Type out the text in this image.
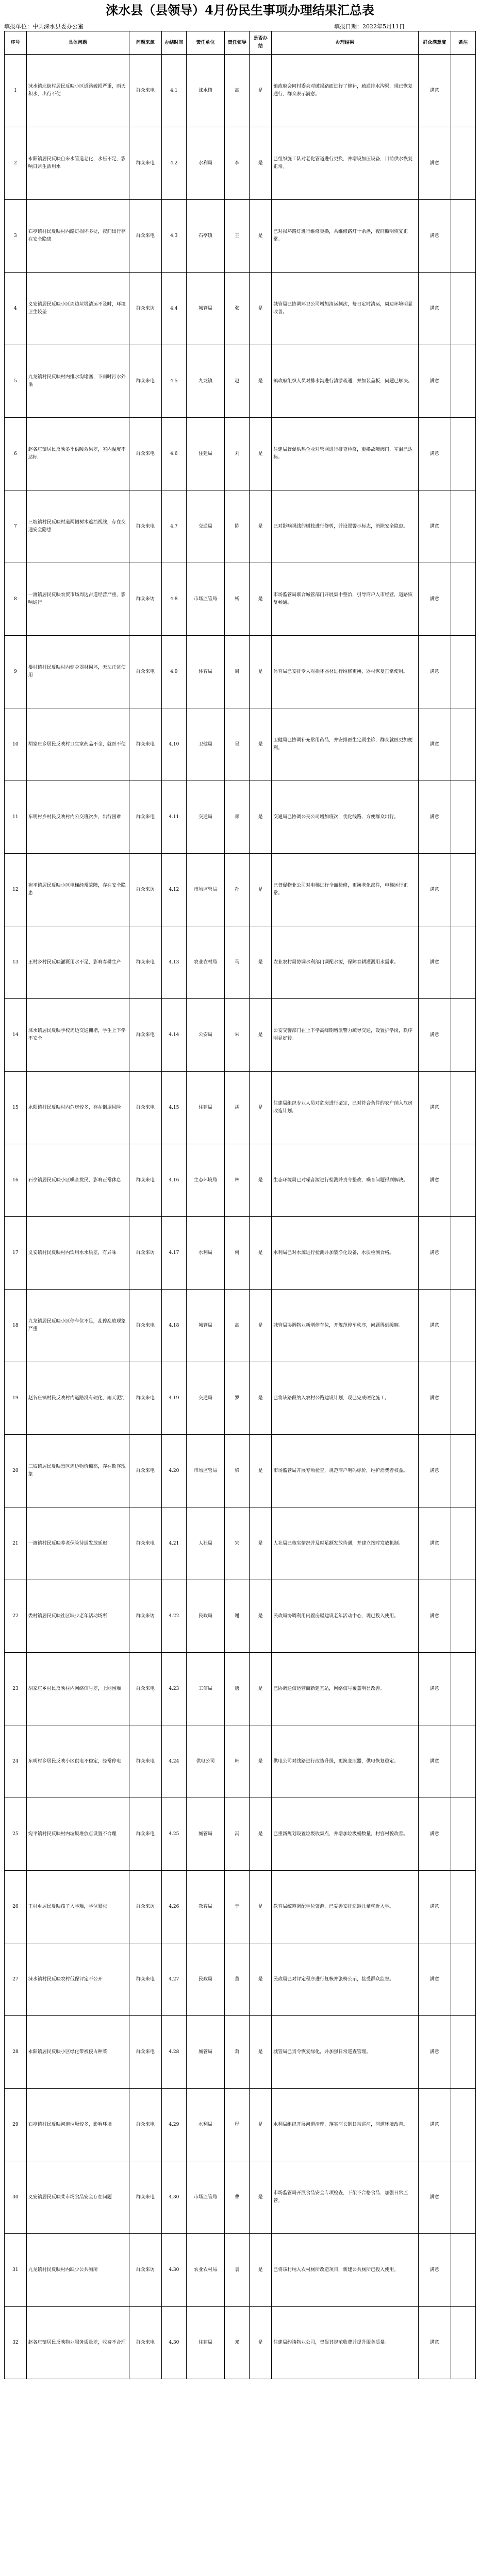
涞水县（县领导）4月份民生事项办理结果汇总表
填报单位：中共涞水县委办公室	填报日期：2022年5月11日
序号	具体问题	问题来源	办结时间	责任单位	责任领导	是否办结	办理结果	群众满意度	备注
1	涞水镇北街村居民反映小区道路破损严重，雨天积水，出行不便	群众来电	4.1	涞水镇	高	是	镇政府会同村委会对破损路面进行了修补，疏通排水沟渠，现已恢复通行，群众表示满意。	满意	
2	永阳镇居民反映自来水管道老化，水压不足，影响日常生活用水	群众来电	4.2	水利局	李	是	已组织施工队对老化管道进行更换，并增设加压设备，目前供水恢复正常。	满意	
3	石亭镇村民反映村内路灯损坏多处，夜间出行存在安全隐患	群众来电	4.3	石亭镇	王	是	已对损坏路灯进行维修更换，共维修路灯十余盏，夜间照明恢复正常。	满意	
4	义安镇居民反映小区周边垃圾清运不及时，环境卫生较差	群众来访	4.4	城管局	张	是	城管局已协调环卫公司增加清运频次，每日定时清运，周边环境明显改善。	满意	
5	九龙镇村民反映村内排水沟堵塞，下雨时污水外溢	群众来电	4.5	九龙镇	赵	是	镇政府组织人员对排水沟进行清淤疏通，并加装盖板，问题已解决。	满意	
6	赵各庄镇居民反映冬季供暖效果差，室内温度不达标	群众来电	4.6	住建局	刘	是	住建局督促供热企业对管网进行排查检修，更换故障阀门，室温已达标。	满意	
7	三坡镇村民反映村道两侧树木遮挡视线，存在交通安全隐患	群众来电	4.7	交通局	陈	是	已对影响视线的树枝进行修剪，并设置警示标志，消除安全隐患。	满意	
8	一渡镇居民反映农贸市场周边占道经营严重，影响通行	群众来访	4.8	市场监管局	杨	是	市场监管局联合城管部门开展集中整治，引导商户入市经营，道路恢复畅通。	满意	
9	娄村镇村民反映村内健身器材损坏，无法正常使用	群众来电	4.9	体育局	周	是	体育局已安排专人对损坏器材进行维修更换，器材恢复正常使用。	满意	
10	胡家庄乡居民反映村卫生室药品不全，就医不便	群众来电	4.10	卫健局	吴	是	卫健局已协调补充常用药品，并安排医生定期坐诊，群众就医更加便利。	满意	
11	东明村乡村民反映村内公交班次少，出行困难	群众来电	4.11	交通局	郑	是	交通局已协调公交公司增加班次，优化线路，方便群众出行。	满意	
12	宛平镇居民反映小区电梯经常故障，存在安全隐患	群众来访	4.12	市场监管局	孙	是	已督促物业公司对电梯进行全面检修，更换老化部件，电梯运行正常。	满意	
13	王村乡村民反映灌溉用水不足，影响春耕生产	群众来电	4.13	农业农村局	马	是	农业农村局协调水利部门调配水源，保障春耕灌溉用水需求。	满意	
14	涞水镇居民反映学校周边交通拥堵，学生上下学不安全	群众来电	4.14	公安局	朱	是	公安交警部门在上下学高峰期增派警力疏导交通，设置护学岗，秩序明显好转。	满意	
15	永阳镇村民反映村内危房较多，存在倒塌风险	群众来电	4.15	住建局	胡	是	住建局组织专业人员对危房进行鉴定，已对符合条件的农户纳入危房改造计划。	满意	
16	石亭镇居民反映小区噪音扰民，影响正常休息	群众来电	4.16	生态环境局	林	是	生态环境局已对噪音源进行检测并责令整改，噪音问题得到解决。	满意	
17	义安镇村民反映村内饮用水水质差，有异味	群众来访	4.17	水利局	何	是	水利局已对水源进行检测并加装净化设备，水质检测合格。	满意	
18	九龙镇居民反映小区停车位不足，乱停乱放现象严重	群众来电	4.18	城管局	高	是	城管局协调物业新增停车位，并规范停车秩序，问题得到缓解。	满意	
19	赵各庄镇村民反映村内道路没有硬化，雨天泥泞	群众来电	4.19	交通局	罗	是	已将该路段纳入农村公路建设计划，现已完成硬化施工。	满意	
20	三坡镇居民反映景区周边物价偏高，存在欺客现象	群众来电	4.20	市场监管局	梁	是	市场监管局开展专项检查，规范商户明码标价，维护消费者权益。	满意	
21	一渡镇村民反映养老保险待遇发放延迟	群众来电	4.21	人社局	宋	是	人社局已核实情况并及时足额发放待遇，并建立按时发放机制。	满意	
22	娄村镇居民反映社区缺少老年活动场所	群众来访	4.22	民政局	谢	是	民政局协调利用闲置房屋建设老年活动中心，现已投入使用。	满意	
23	胡家庄乡村民反映村内网络信号差，上网困难	群众来电	4.23	工信局	唐	是	已协调通信运营商新建基站，网络信号覆盖明显改善。	满意	
24	东明村乡居民反映小区供电不稳定，经常停电	群众来电	4.24	供电公司	韩	是	供电公司对线路进行改造升级，更换变压器，供电恢复稳定。	满意	
25	宛平镇村民反映村内垃圾堆放点设置不合理	群众来电	4.25	城管局	冯	是	已重新规划设置垃圾收集点，并增加垃圾桶数量，村容村貌改善。	满意	
26	王村乡居民反映孩子入学难，学位紧张	群众来访	4.26	教育局	于	是	教育局统筹调配学位资源，已妥善安排适龄儿童就近入学。	满意	
27	涞水镇村民反映农村低保评定不公开	群众来电	4.27	民政局	董	是	民政局已对评定程序进行复核并张榜公示，接受群众监督。	满意	
28	永阳镇居民反映小区绿化带被侵占种菜	群众来电	4.28	城管局	萧	是	城管局已责令恢复绿化，并加强日常巡查管理。	满意	
29	石亭镇村民反映河道垃圾较多，影响环境	群众来电	4.29	水利局	程	是	水利局组织开展河道清理，落实河长制日常巡河，河道环境改善。	满意	
30	义安镇居民反映菜市场食品安全存在问题	群众来电	4.30	市场监管局	曹	是	市场监管局开展食品安全专项检查，下架不合格食品，加强日常监管。	满意	
31	九龙镇村民反映村内缺少公共厕所	群众来访	4.30	农业农村局	袁	是	已将该村纳入农村厕所改造项目，新建公共厕所已投入使用。	满意	
32	赵各庄镇居民反映物业服务质量差，收费不合理	群众来电	4.30	住建局	邓	是	住建局约谈物业公司，督促其规范收费并提升服务质量。	满意	
